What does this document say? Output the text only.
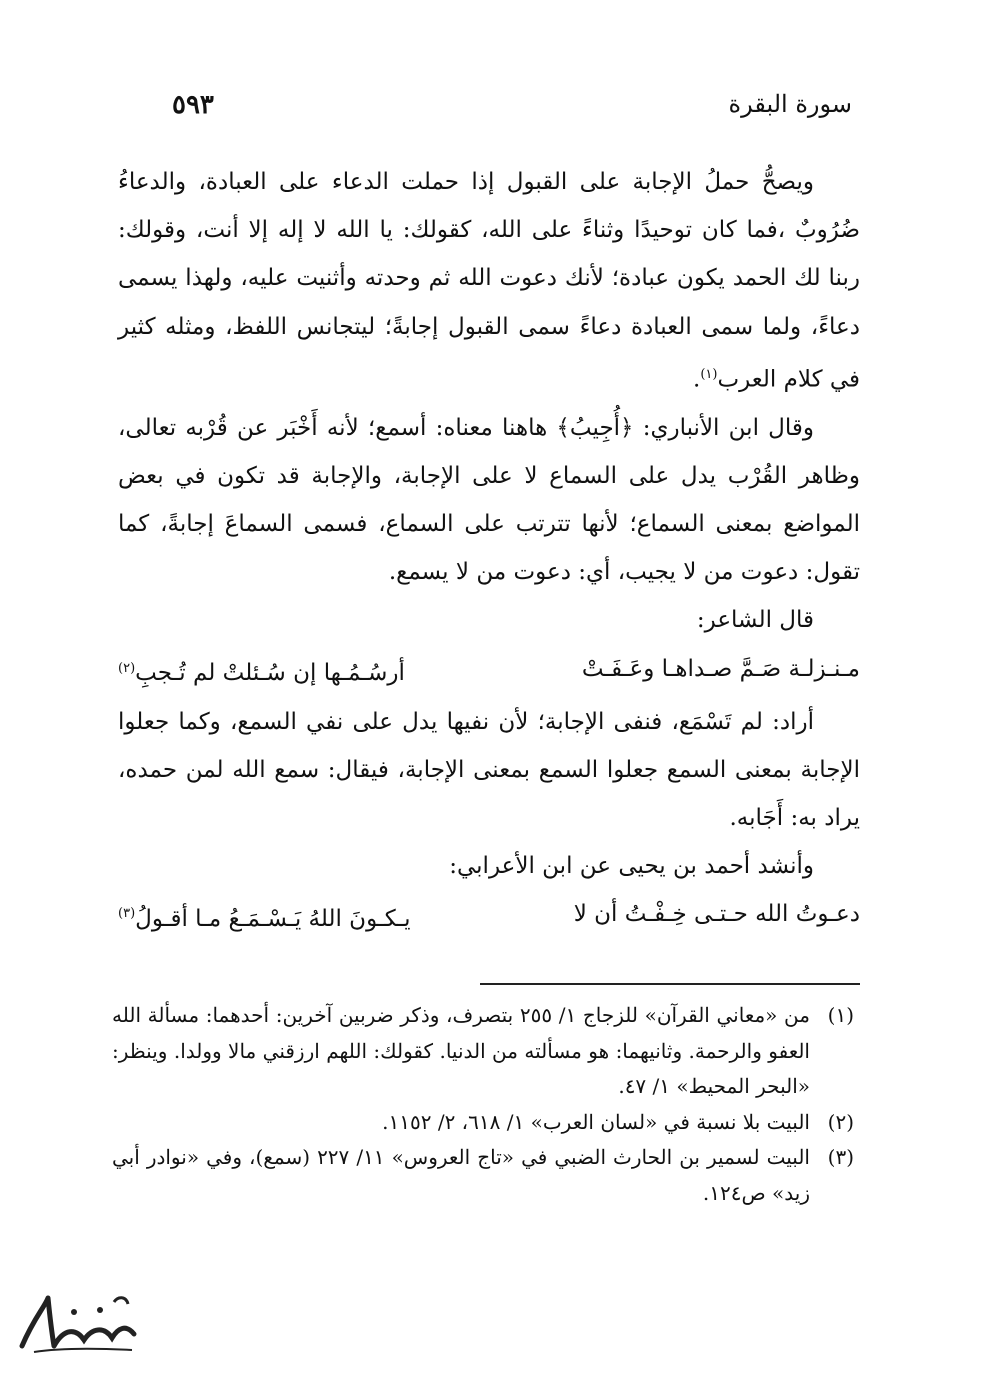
سورة البقرة
٥٩٣

ويصحُّ حملُ الإجابة على القبول إذا حملت الدعاء على العبادة، والدعاءُ ضُرُوبٌ ،فما كان توحيدًا وثناءً على الله، كقولك: يا الله لا إله إلا أنت، وقولك: ربنا لك الحمد يكون عبادة؛ لأنك دعوت الله ثم وحدته وأثنيت عليه، ولهذا يسمى دعاءً، ولما سمى العبادة دعاءً سمى القبول إجابةً؛ ليتجانس اللفظ، ومثله كثير في كلام العرب$^{(١)}$.

وقال ابن الأنباري: ﴿أُجِيبُ﴾ هاهنا معناه: أسمع؛ لأنه أَخْبَر عن قُرْبه تعالى، وظاهر القُرْب يدل على السماع لا على الإجابة، والإجابة قد تكون في بعض المواضع بمعنى السماع؛ لأنها تترتب على السماع، فسمى السماعَ إجابةً، كما تقول: دعوت من لا يجيب، أي: دعوت من لا يسمع.

قال الشاعر:

مـنـزلـة صَـمَّ صـداهـا وعَـفَـتْ
أرسُـمُـها إن سُـئلتْ لم تُـجبِ$^{(٢)}$

أراد: لم تَسْمَع، فنفى الإجابة؛ لأن نفيها يدل على نفي السمع، وكما جعلوا الإجابة بمعنى السمع جعلوا السمع بمعنى الإجابة، فيقال: سمع الله لمن حمده، يراد به: أَجَابه.

وأنشد أحمد بن يحيى عن ابن الأعرابي:

دعـوتُ الله حـتـى خِـفْـتُ أن لا
يـكـونَ اللهُ يَـسْـمَـعُ مـا أقـولُ$^{(٣)}$
(١)
من «معاني القرآن» للزجاج ١/ ٢٥٥ بتصرف، وذكر ضربين آخرين: أحدهما: مسألة الله العفو والرحمة. وثانيهما: هو مسألته من الدنيا. كقولك: اللهم ارزقني مالا وولدا. وينظر: «البحر المحيط» ١/ ٤٧.
(٢)
البيت بلا نسبة في «لسان العرب» ١/ ٦١٨، ٢/ ١١٥٢.
(٣)
البيت لسمير بن الحارث الضبي في «تاج العروس» ١١/ ٢٢٧ (سمع)، وفي «نوادر أبي زيد» ص١٢٤.
